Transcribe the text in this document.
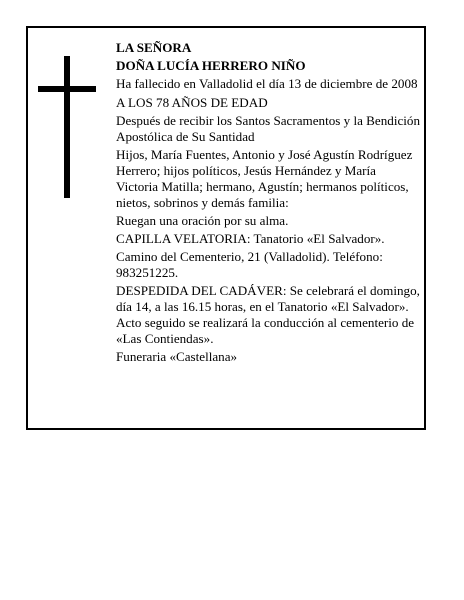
LA SEÑORA

DOÑA LUCÍA HERRERO NIÑO

Ha fallecido en Valladolid el día 13 de diciembre de 2008

A LOS 78 AÑOS DE EDAD

Después de recibir los Santos Sacramentos y la Bendición Apostólica de Su Santidad

Hijos, María Fuentes, Antonio y José Agustín Rodríguez Herrero; hijos políticos, Jesús Hernández y María Victoria Matilla; hermano, Agustín; hermanos políticos, nietos, sobrinos y demás familia:

Ruegan una oración por su alma.

CAPILLA VELATORIA: Tanatorio «El Salvador».

Camino del Cementerio, 21 (Valladolid). Teléfono: 983251225.

DESPEDIDA DEL CADÁVER: Se celebrará el domingo, día 14, a las 16.15 horas, en el Tanatorio «El Salvador». Acto seguido se realizará la conducción al cementerio de «Las Contiendas».

Funeraria «Castellana»
